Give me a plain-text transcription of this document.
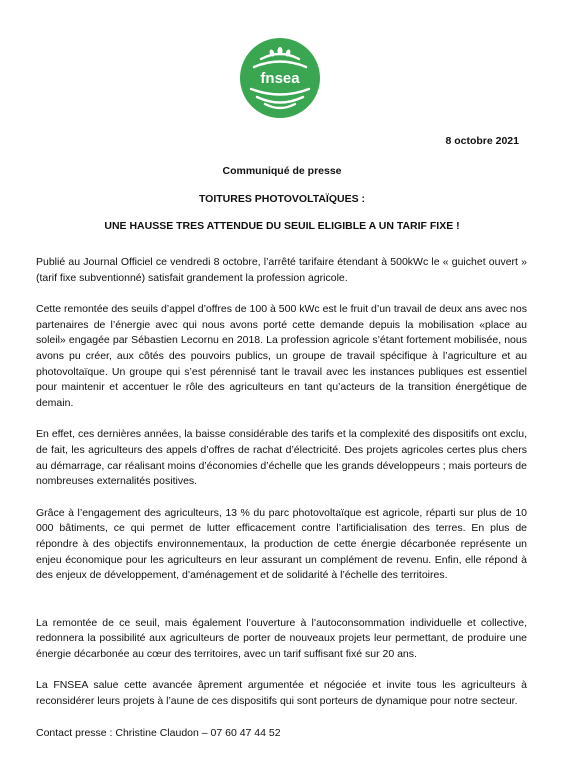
fnsea
8 octobre 2021
Communiqué de presse
TOITURES PHOTOVOLTAÏQUES :
UNE HAUSSE TRES ATTENDUE DU SEUIL ELIGIBLE A UN TARIF FIXE !

Publié au Journal Officiel ce vendredi 8 octobre, l’arrêté tarifaire étendant à 500kWc le « guichet ouvert » (tarif fixe subventionné) satisfait grandement la profession agricole.

Cette remontée des seuils d’appel d’offres de 100 à 500 kWc est le fruit d’un travail de deux ans avec nos partenaires de l’énergie avec qui nous avons porté cette demande depuis la mobilisation «place au soleil» engagée par Sébastien Lecornu en 2018. La profession agricole s’étant fortement mobilisée, nous avons pu créer, aux côtés des pouvoirs publics, un groupe de travail spécifique à l’agriculture et au photovoltaïque. Un groupe qui s’est pérennisé tant le travail avec les instances publiques est essentiel pour maintenir et accentuer le rôle des agriculteurs en tant qu’acteurs de la transition énergétique de demain.

En effet, ces dernières années, la baisse considérable des tarifs et la complexité des dispositifs ont exclu, de fait, les agriculteurs des appels d’offres de rachat d’électricité. Des projets agricoles certes plus chers au démarrage, car réalisant moins d’économies d’échelle que les grands développeurs ; mais porteurs de nombreuses externalités positives.

Grâce à l’engagement des agriculteurs, 13 % du parc photovoltaïque est agricole, réparti sur plus de 10 000 bâtiments, ce qui permet de lutter efficacement contre l’artificialisation des terres. En plus de répondre à des objectifs environnementaux, la production de cette énergie décarbonée représente un enjeu économique pour les agriculteurs en leur assurant un complément de revenu. Enfin, elle répond à des enjeux de développement, d’aménagement et de solidarité à l’échelle des territoires.

La remontée de ce seuil, mais également l’ouverture à l’autoconsommation individuelle et collective, redonnera la possibilité aux agriculteurs de porter de nouveaux projets leur permettant, de produire une énergie décarbonée au cœur des territoires, avec un tarif suffisant fixé sur 20 ans.

La FNSEA salue cette avancée âprement argumentée et négociée et invite tous les agriculteurs à reconsidérer leurs projets à l’aune de ces dispositifs qui sont porteurs de dynamique pour notre secteur.

Contact presse : Christine Claudon – 07 60 47 44 52
